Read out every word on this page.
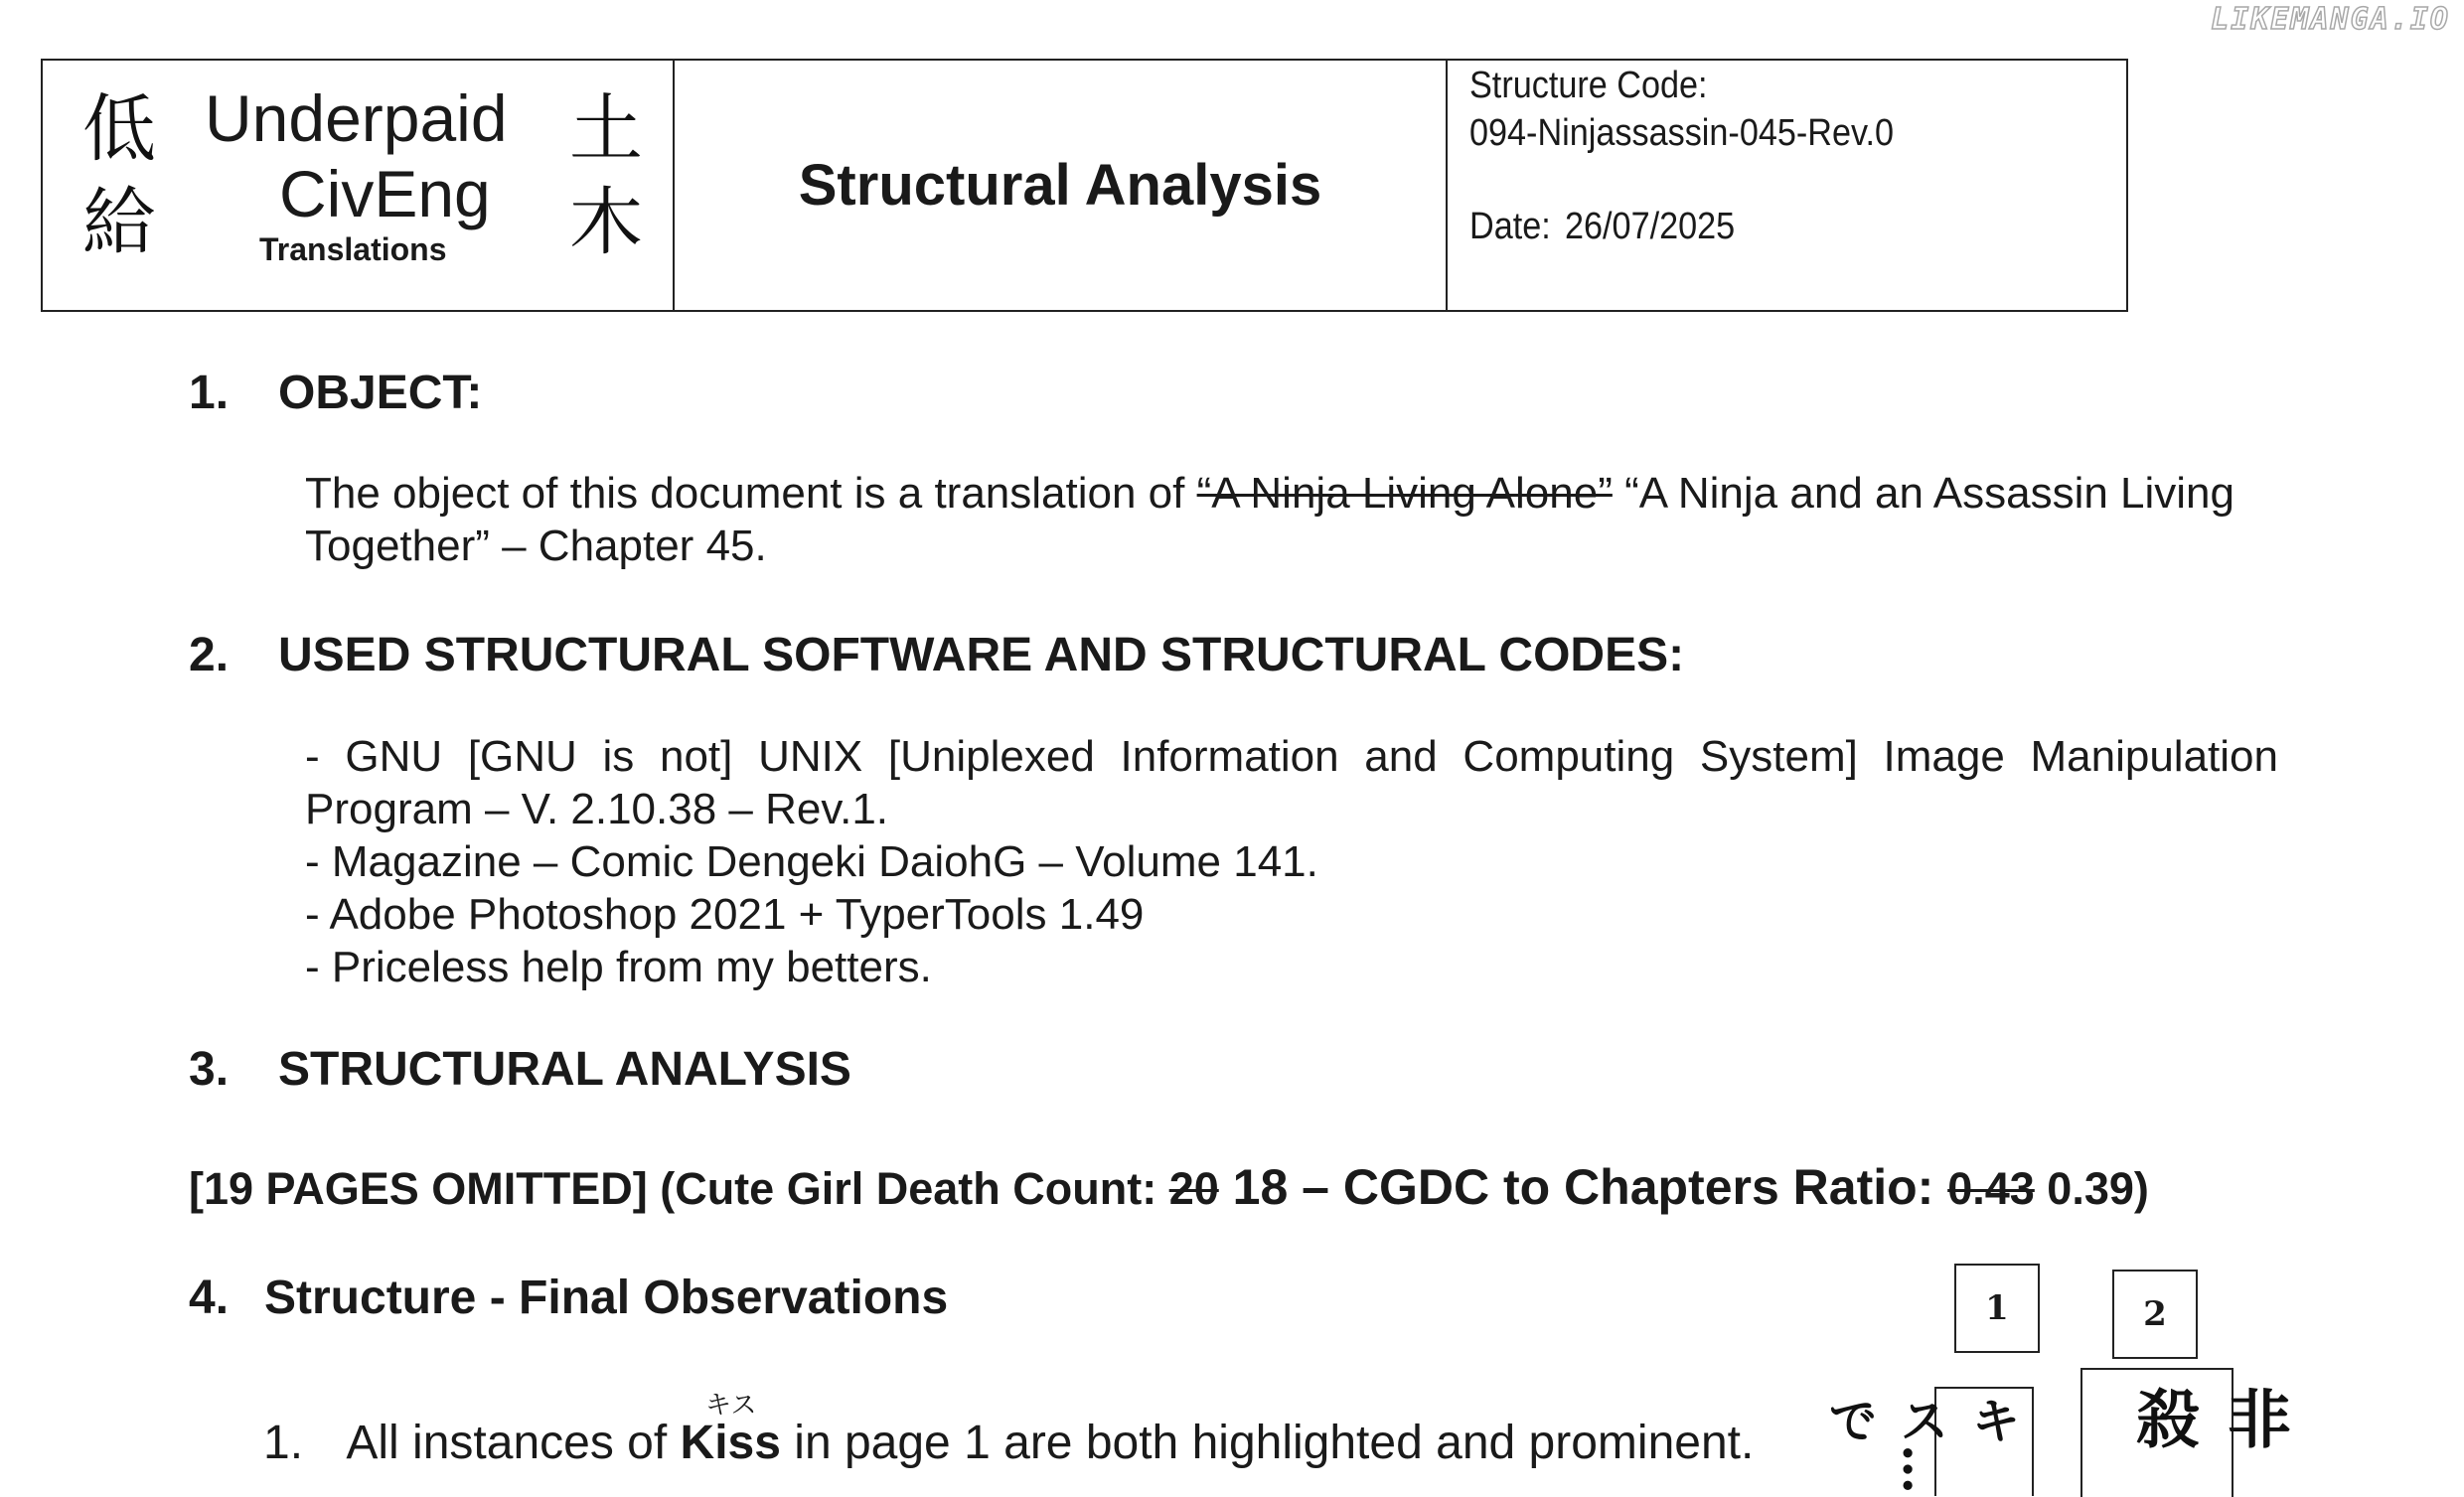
LIKEMANGA.IO
低
給
土
木
Underpaid
CivEng
Translations
Structural Analysis
Structure Code:
094-Ninjassassin-045-Rev.0
Date: 26/07/2025
1. OBJECT:
The object of this document is a translation of “A Ninja Living Alone” “A Ninja and an Assassin Living Together” – Chapter 45.
2. USED STRUCTURAL SOFTWARE AND STRUCTURAL CODES:
- GNU [GNU is not] UNIX [Uniplexed Information and Computing System] Image Manipulation Program – V. 2.10.38 – Rev.1.
- Magazine – Comic Dengeki DaiohG – Volume 141.
- Adobe Photoshop 2021 + TyperTools 1.49
- Priceless help from my betters.
3. STRUCTURAL ANALYSIS
[19 PAGES OMITTED] (Cute Girl Death Count: 20 18 – CGDC to Chapters Ratio: 0.43 0.39)
4. Structure - Final Observations
キス
1. All instances of Kiss in page 1 are both highlighted and prominent.
1	2
キス…で	非殺
